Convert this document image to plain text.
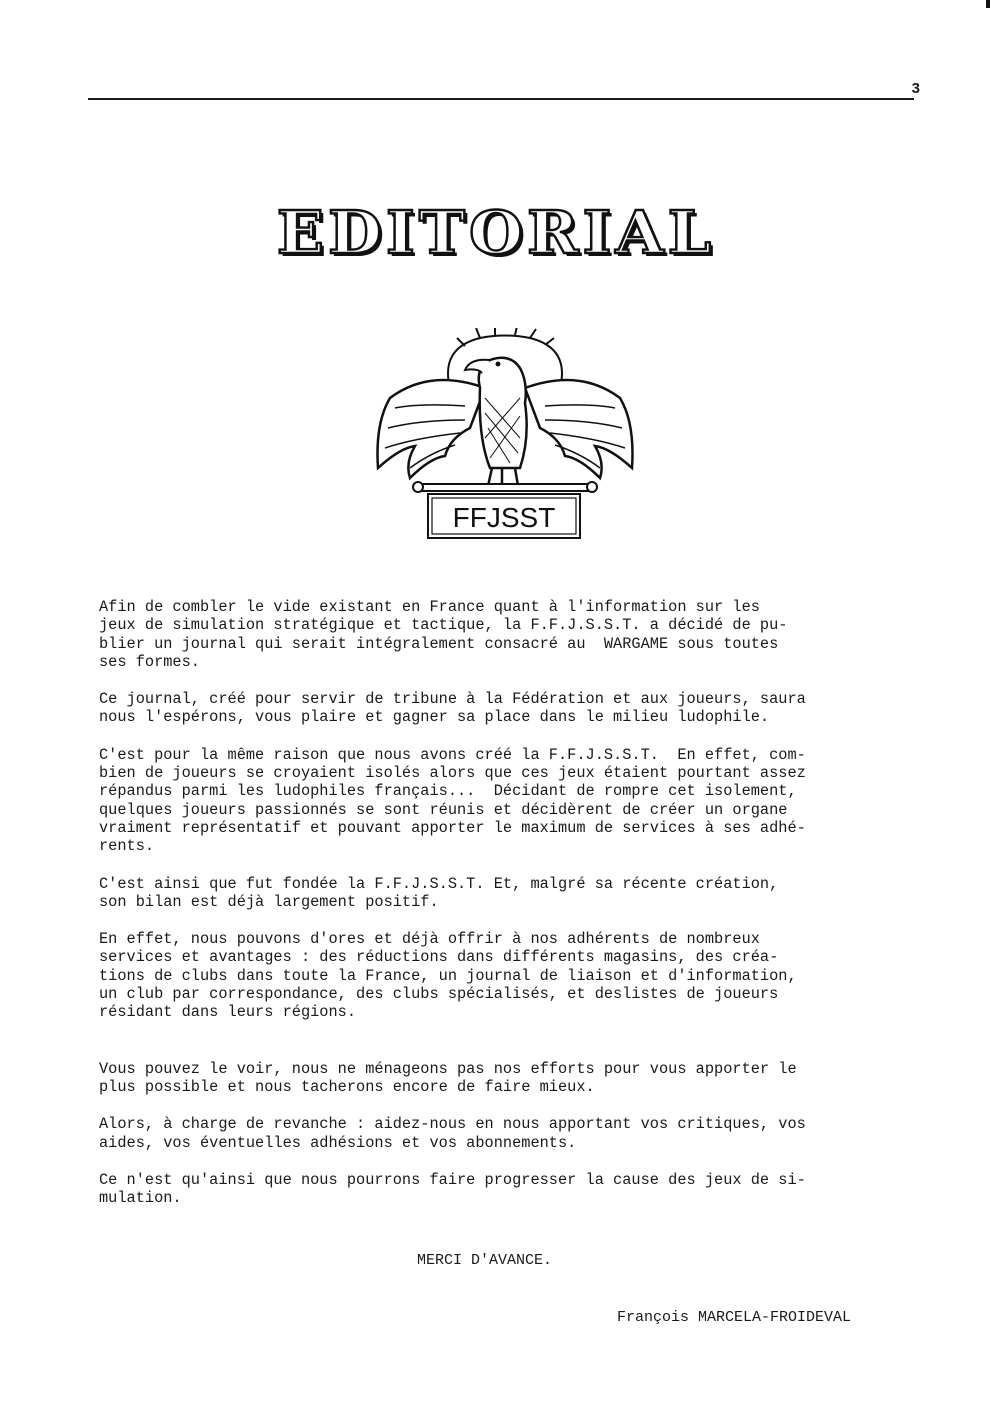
3
EDITORIAL
FFJSST

Afin de combler le vide existant en France quant à l'information sur les
jeux de simulation stratégique et tactique, la F.F.J.S.S.T. a décidé de pu-
blier un journal qui serait intégralement consacré au  WARGAME sous toutes
ses formes.

Ce journal, créé pour servir de tribune à la Fédération et aux joueurs, saura
nous l'espérons, vous plaire et gagner sa place dans le milieu ludophile.

C'est pour la même raison que nous avons créé la F.F.J.S.S.T.  En effet, com-
bien de joueurs se croyaient isolés alors que ces jeux étaient pourtant assez
répandus parmi les ludophiles français...  Décidant de rompre cet isolement,
quelques joueurs passionnés se sont réunis et décidèrent de créer un organe
vraiment représentatif et pouvant apporter le maximum de services à ses adhé-
rents.

C'est ainsi que fut fondée la F.F.J.S.S.T. Et, malgré sa récente création,
son bilan est déjà largement positif.

En effet, nous pouvons d'ores et déjà offrir à nos adhérents de nombreux
services et avantages : des réductions dans différents magasins, des créa-
tions de clubs dans toute la France, un journal de liaison et d'information,
un club par correspondance, des clubs spécialisés, et deslistes de joueurs
résidant dans leurs régions.

Vous pouvez le voir, nous ne ménageons pas nos efforts pour vous apporter le
plus possible et nous tacherons encore de faire mieux.

Alors, à charge de revanche : aidez-nous en nous apportant vos critiques, vos
aides, vos éventuelles adhésions et vos abonnements.

Ce n'est qu'ainsi que nous pourrons faire progresser la cause des jeux de si-
mulation.

MERCI D'AVANCE.
François MARCELA-FROIDEVAL
